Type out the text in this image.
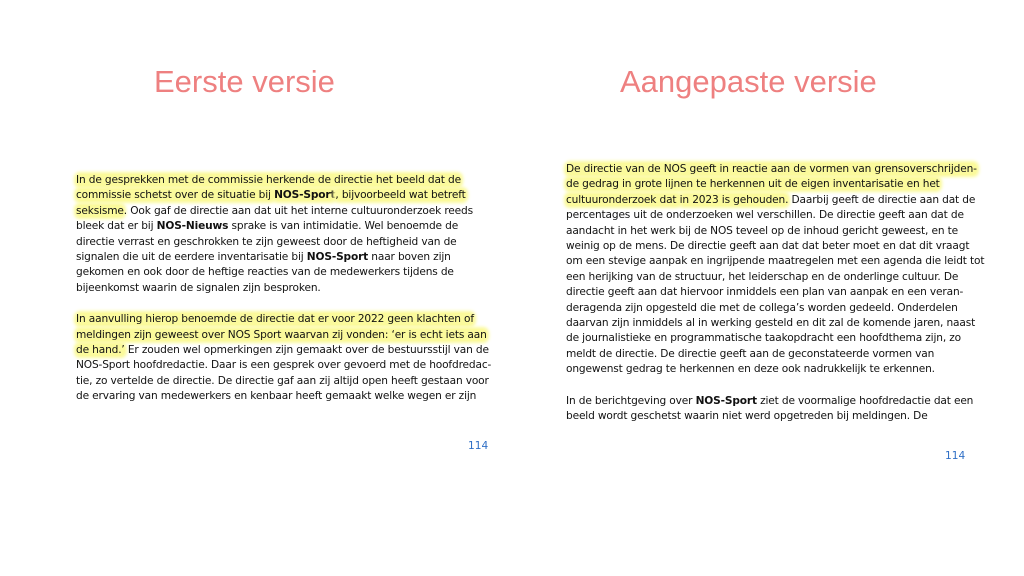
Eerste versie	Aangepaste versie
In de gesprekken met de commissie herkende de directie het beeld dat de
commissie schetst over de situatie bij NOS-Sport, bijvoorbeeld wat betreft
seksisme. Ook gaf de directie aan dat uit het interne cultuuronderzoek reeds
bleek dat er bij NOS-Nieuws sprake is van intimidatie. Wel benoemde de
directie verrast en geschrokken te zijn geweest door de heftigheid van de
signalen die uit de eerdere inventarisatie bij NOS-Sport naar boven zijn
gekomen en ook door de heftige reacties van de medewerkers tijdens de
bijeenkomst waarin de signalen zijn besproken.
In aanvulling hierop benoemde de directie dat er voor 2022 geen klachten of
meldingen zijn geweest over NOS Sport waarvan zij vonden: ‘er is echt iets aan
de hand.’ Er zouden wel opmerkingen zijn gemaakt over de bestuursstijl van de
NOS-Sport hoofdredactie. Daar is een gesprek over gevoerd met de hoofdredac-
tie, zo vertelde de directie. De directie gaf aan zij altijd open heeft gestaan voor
de ervaring van medewerkers en kenbaar heeft gemaakt welke wegen er zijn
De directie van de NOS geeft in reactie aan de vormen van grensoverschrijden-
de gedrag in grote lijnen te herkennen uit de eigen inventarisatie en het
cultuuronderzoek dat in 2023 is gehouden. Daarbij geeft de directie aan dat de
percentages uit de onderzoeken wel verschillen. De directie geeft aan dat de
aandacht in het werk bij de NOS teveel op de inhoud gericht geweest, en te
weinig op de mens. De directie geeft aan dat dat beter moet en dat dit vraagt
om een stevige aanpak en ingrijpende maatregelen met een agenda die leidt tot
een herijking van de structuur, het leiderschap en de onderlinge cultuur. De
directie geeft aan dat hiervoor inmiddels een plan van aanpak en een veran-
deragenda zijn opgesteld die met de collega’s worden gedeeld. Onderdelen
daarvan zijn inmiddels al in werking gesteld en dit zal de komende jaren, naast
de journalistieke en programmatische taakopdracht een hoofdthema zijn, zo
meldt de directie. De directie geeft aan de geconstateerde vormen van
ongewenst gedrag te herkennen en deze ook nadrukkelijk te erkennen.
In de berichtgeving over NOS-Sport ziet de voormalige hoofdredactie dat een
beeld wordt geschetst waarin niet werd opgetreden bij meldingen. De
114
114
